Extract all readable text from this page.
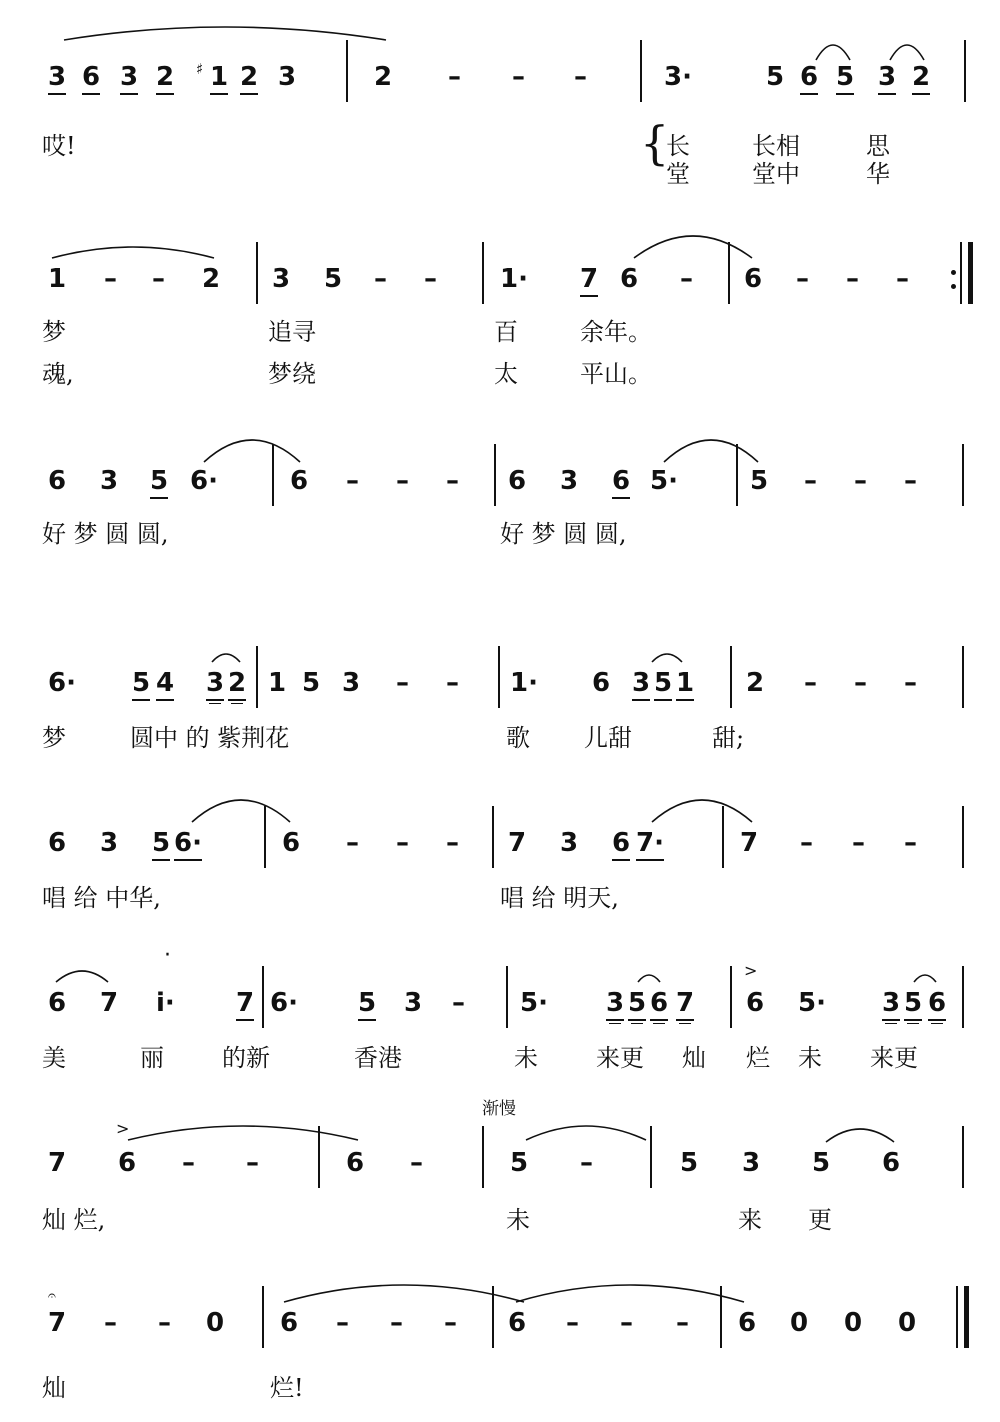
>
>
𝄐
·
3 6 3 2 ♯ 1 2 3	2 – – –	3·	5 6 5 3 2
哎!	长	长相	思
堂	堂中	华
1 – – 2 3 5 – – 1· 7 6 – 6 – – –
梦	追寻	百	余年。
魂,	梦绕	太	平山。
6 3 5 6·	6 – – – 6 3 6 5·	5 – – –
好 梦 圆 圆,	好 梦 圆 圆,
6· 5 4 3 2 1 5 3 – – 1· 6 3 5 1 2 – – –
梦	圆中 的 紫荆花	歌 儿甜	甜;
6 3 5 6·	6 – – – 7 3 6 7·	7 – – –
唱 给 中华,	唱 给 明天,
6 7 i· 7 6· 5 3 – 5· 3 5 6 7 6 5· 3 5 6
美	丽 的新	香港	未 来更 灿 烂 未 来更
7 6 – –	6 –	5 –	5 3 5 6
灿 烂,	未	来 更
7 – – 0 6 – – – 6 – – – 6 0 0 0
灿	烂!
{
渐慢
